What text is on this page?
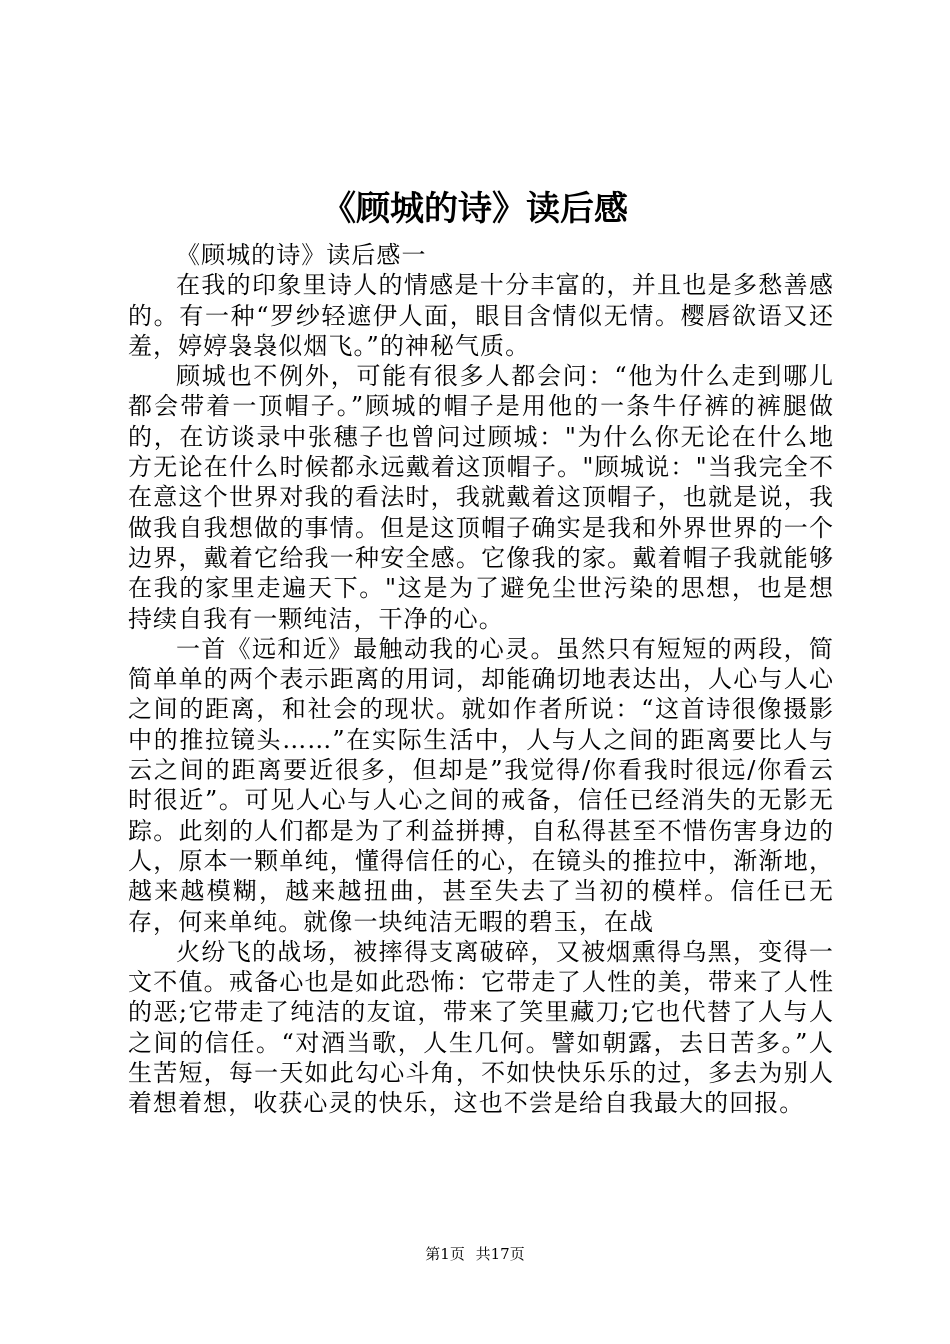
《顾城的诗》读后感

《顾城的诗》读后感一

在我的印象里诗人的情感是十分丰富的，并且也是多愁善感的。有一种“罗纱轻遮伊人面，眼目含情似无情。樱唇欲语又还羞，婷婷袅袅似烟飞。”的神秘气质。

顾城也不例外，可能有很多人都会问：“他为什么走到哪儿都会带着一顶帽子。”顾城的帽子是用他的一条牛仔裤的裤腿做的，在访谈录中张穗子也曾问过顾城："为什么你无论在什么地方无论在什么时候都永远戴着这顶帽子。"顾城说："当我完全不在意这个世界对我的看法时，我就戴着这顶帽子，也就是说，我做我自我想做的事情。但是这顶帽子确实是我和外界世界的一个边界，戴着它给我一种安全感。它像我的家。戴着帽子我就能够在我的家里走遍天下。"这是为了避免尘世污染的思想，也是想持续自我有一颗纯洁，干净的心。

一首《远和近》最触动我的心灵。虽然只有短短的两段，简简单单的两个表示距离的用词，却能确切地表达出，人心与人心之间的距离，和社会的现状。就如作者所说：“这首诗很像摄影中的推拉镜头……”在实际生活中，人与人之间的距离要比人与云之间的距离要近很多，但却是”我觉得/你看我时很远/你看云时很近”。可见人心与人心之间的戒备，信任已经消失的无影无踪。此刻的人们都是为了利益拼搏，自私得甚至不惜伤害身边的人，原本一颗单纯，懂得信任的心，在镜头的推拉中，渐渐地，越来越模糊，越来越扭曲，甚至失去了当初的模样。信任已无存，何来单纯。就像一块纯洁无暇的碧玉，在战

火纷飞的战场，被摔得支离破碎，又被烟熏得乌黑，变得一文不值。戒备心也是如此恐怖：它带走了人性的美，带来了人性的恶;它带走了纯洁的友谊，带来了笑里藏刀;它也代替了人与人之间的信任。“对酒当歌，人生几何。譬如朝露，去日苦多。”人生苦短，每一天如此勾心斗角，不如快快乐乐的过，多去为别人着想着想，收获心灵的快乐，这也不尝是给自我最大的回报。

第1页 共17页
